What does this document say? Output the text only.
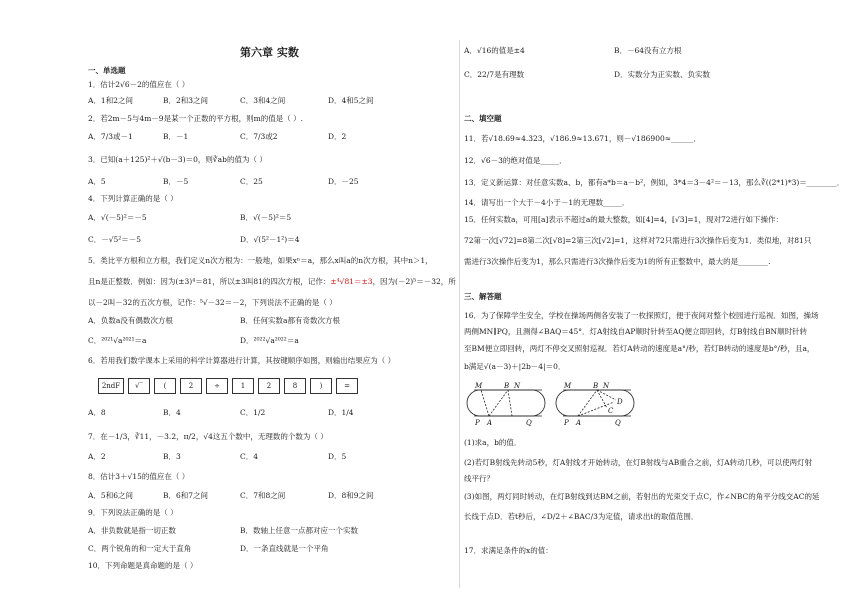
第六章 实数
一、单选题
1．估计2√6－2的值应在（ ）
A．1和2之间	B．2和3之间	C．3和4之间	D．4和5之间
2．若2m－5与4m－9是某一个正数的平方根，则m的值是（ ）.
A．7/3或－1	B．－1	C．7/3或2	D．2
3．已知(a＋125)²＋√(b－3)＝0，则∛ab的值为（ ）
A．5	B．－5	C．25	D．－25
4．下列计算正确的是（ ）
A．√(－5)²＝－5	B．√(－5)²＝5
C．－√5²＝－5	D．√(5²－1²)＝4
5．类比平方根和立方根，我们定义n次方根为：一般地，如果xⁿ＝a，那么x叫a的n次方根，其中n＞1，
且n是正整数．例如：因为(±3)⁴＝81，所以±3叫81的四次方根，记作：±⁴√81＝±3，因为(－2)⁵＝－32，所
以－2叫－32的五次方根，记作：⁵√－32＝－2，下列说法不正确的是（ ）
A．负数a没有偶数次方根	B．任何实数a都有奇数次方根
C．²⁰²¹√a²⁰²¹＝a	D．²⁰²²√a²⁰²²＝a
6．若用我们数学课本上采用的科学计算器进行计算，其按键顺序如图，则输出结果应为（ ）
2ndF	√‾	(	2	÷	1	2	8	)	=
A．8	B．4	C．1/2	D．1/4
7．在－1/3，∛11，－3.2，π/2，√4这五个数中，无理数的个数为（ ）
A．2	B．3	C．4	D．5
8．估计3＋√15的值应在（ ）
A．5和6之间	B．6和7之间	C．7和8之间	D．8和9之间
9．下列说法正确的是（ ）
A．非负数就是指一切正数	B．数轴上任意一点都对应一个实数
C．两个锐角的和一定大于直角	D．一条直线就是一个平角
10．下列命题是真命题的是（ ）
A．√16的值是±4	B．－64没有立方根
C．22/7是有理数	D．实数分为正实数、负实数
二、填空题
11．若√18.69≈4.323，√186.9≈13.671，则－√186900≈______．
12．√6－3的绝对值是_____．
13．定义新运算：对任意实数a、b，都有a*b＝a－b²，例如，3*4＝3－4²＝－13，那么∛((2*1)*3)＝________．
14．请写出一个大于－4小于－1的无理数_____．
15．任何实数a，可用[a]表示不超过a的最大整数，如[4]=4，[√3]=1，现对72进行如下操作：
72第一次[√72]=8第二次[√8]=2第三次[√2]=1，这样对72只需进行3次操作后变为1．类似地，对81只
需进行3次操作后变为1，那么只需进行3次操作后变为1的所有正整数中，最大的是________.
三、解答题
16．为了保障学生安全，学校在操场两侧各安装了一枚探照灯，便于夜间对整个校园进行巡视．如图，操场
两侧MN∥PQ，且测得∠BAQ＝45°．灯A射线自AP顺时针转至AQ便立即回转，灯B射线自BN顺时针转
至BM便立即回转，两灯不停交叉照射巡视．若灯A转动的速度是a°/秒，若灯B转动的速度是b°/秒，且a，
b满足√(a－3)＋|2b－4|＝0．
M	B N
P A	Q
M	B N
D
C
P A	Q
(1)求a，b的值．
(2)若灯B射线先转动5秒，灯A射线才开始转动，在灯B射线与AB重合之前，灯A转动几秒，可以使两灯射
线平行？
(3)如图，两灯同时转动，在灯B射线到达BM之前，若射出的光束交于点C，作∠NBC的角平分线交AC的延
长线于点D．若t秒后，∠D/2＋∠BAC/3为定值，请求出t的取值范围．
17．求满足条件的x的值：
